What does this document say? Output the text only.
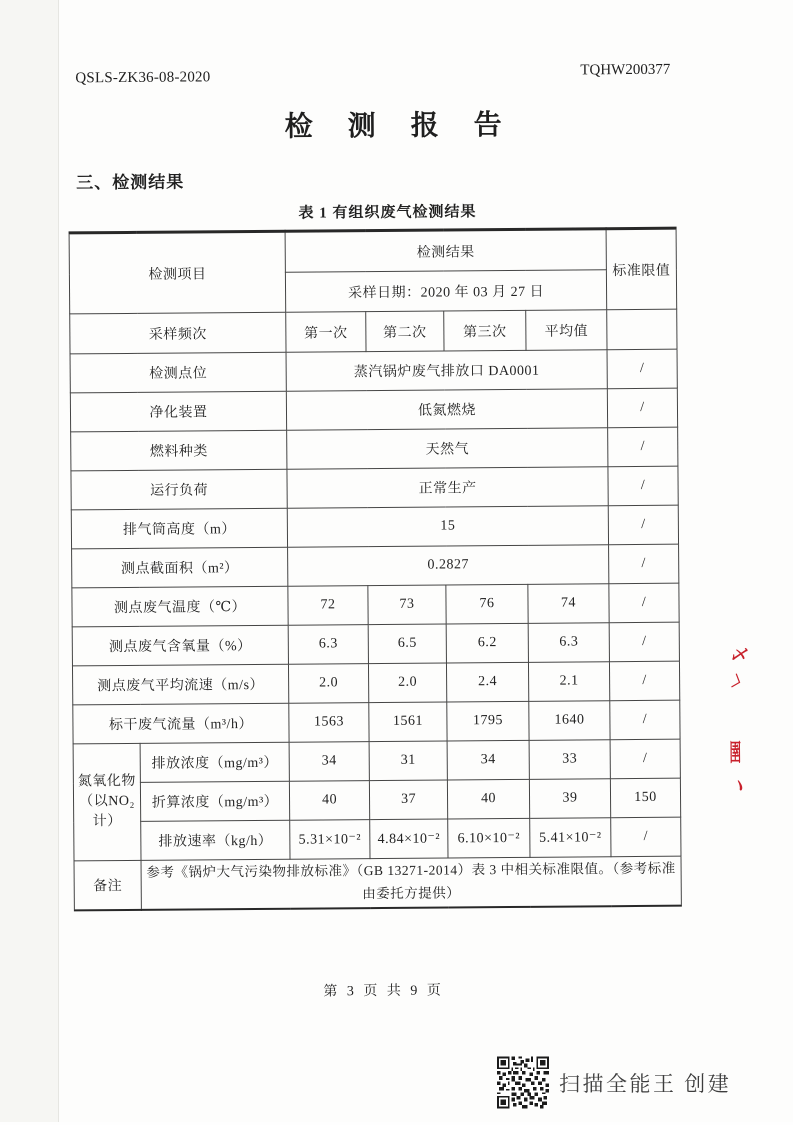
QSLS-ZK36-08-2020	TQHW200377
检 测 报 告
三、检测结果
表 1 有组织废气检测结果
检测项目		检测结果				标准限值
		采样日期：2020 年 03 月 27 日				
采样频次		第一次	第二次	第三次	平均值	
检测点位		蒸汽锅炉废气排放口 DA0001				/
净化装置		低氮燃烧				/
燃料种类		天然气				/
运行负荷		正常生产				/
排气筒高度（m）		15				/
测点截面积（m²）		0.2827				/
测点废气温度（℃）		72	73	76	74	/
测点废气含氧量（%）		6.3	6.5	6.2	6.3	/
测点废气平均流速（m/s）		2.0	2.0	2.4	2.1	/
标干废气流量（m³/h）		1563	1561	1795	1640	/

氮氧化物
（以NO₂计）	排放浓度（mg/m³）	34	31	34	33	/
	折算浓度（mg/m³）	40	37	40	39	150
	排放速率（kg/h）	5.31×10⁻²	4.84×10⁻²	6.10×10⁻²	5.41×10⁻²	/
备注	参考《锅炉大气污染物排放标准》（GB 13271-2014）表 3 中相关标准限值。（参考标准由委托方提供）					
第 3 页 共 9 页
乄
〉
圉
丶
扫描全能王 创建
